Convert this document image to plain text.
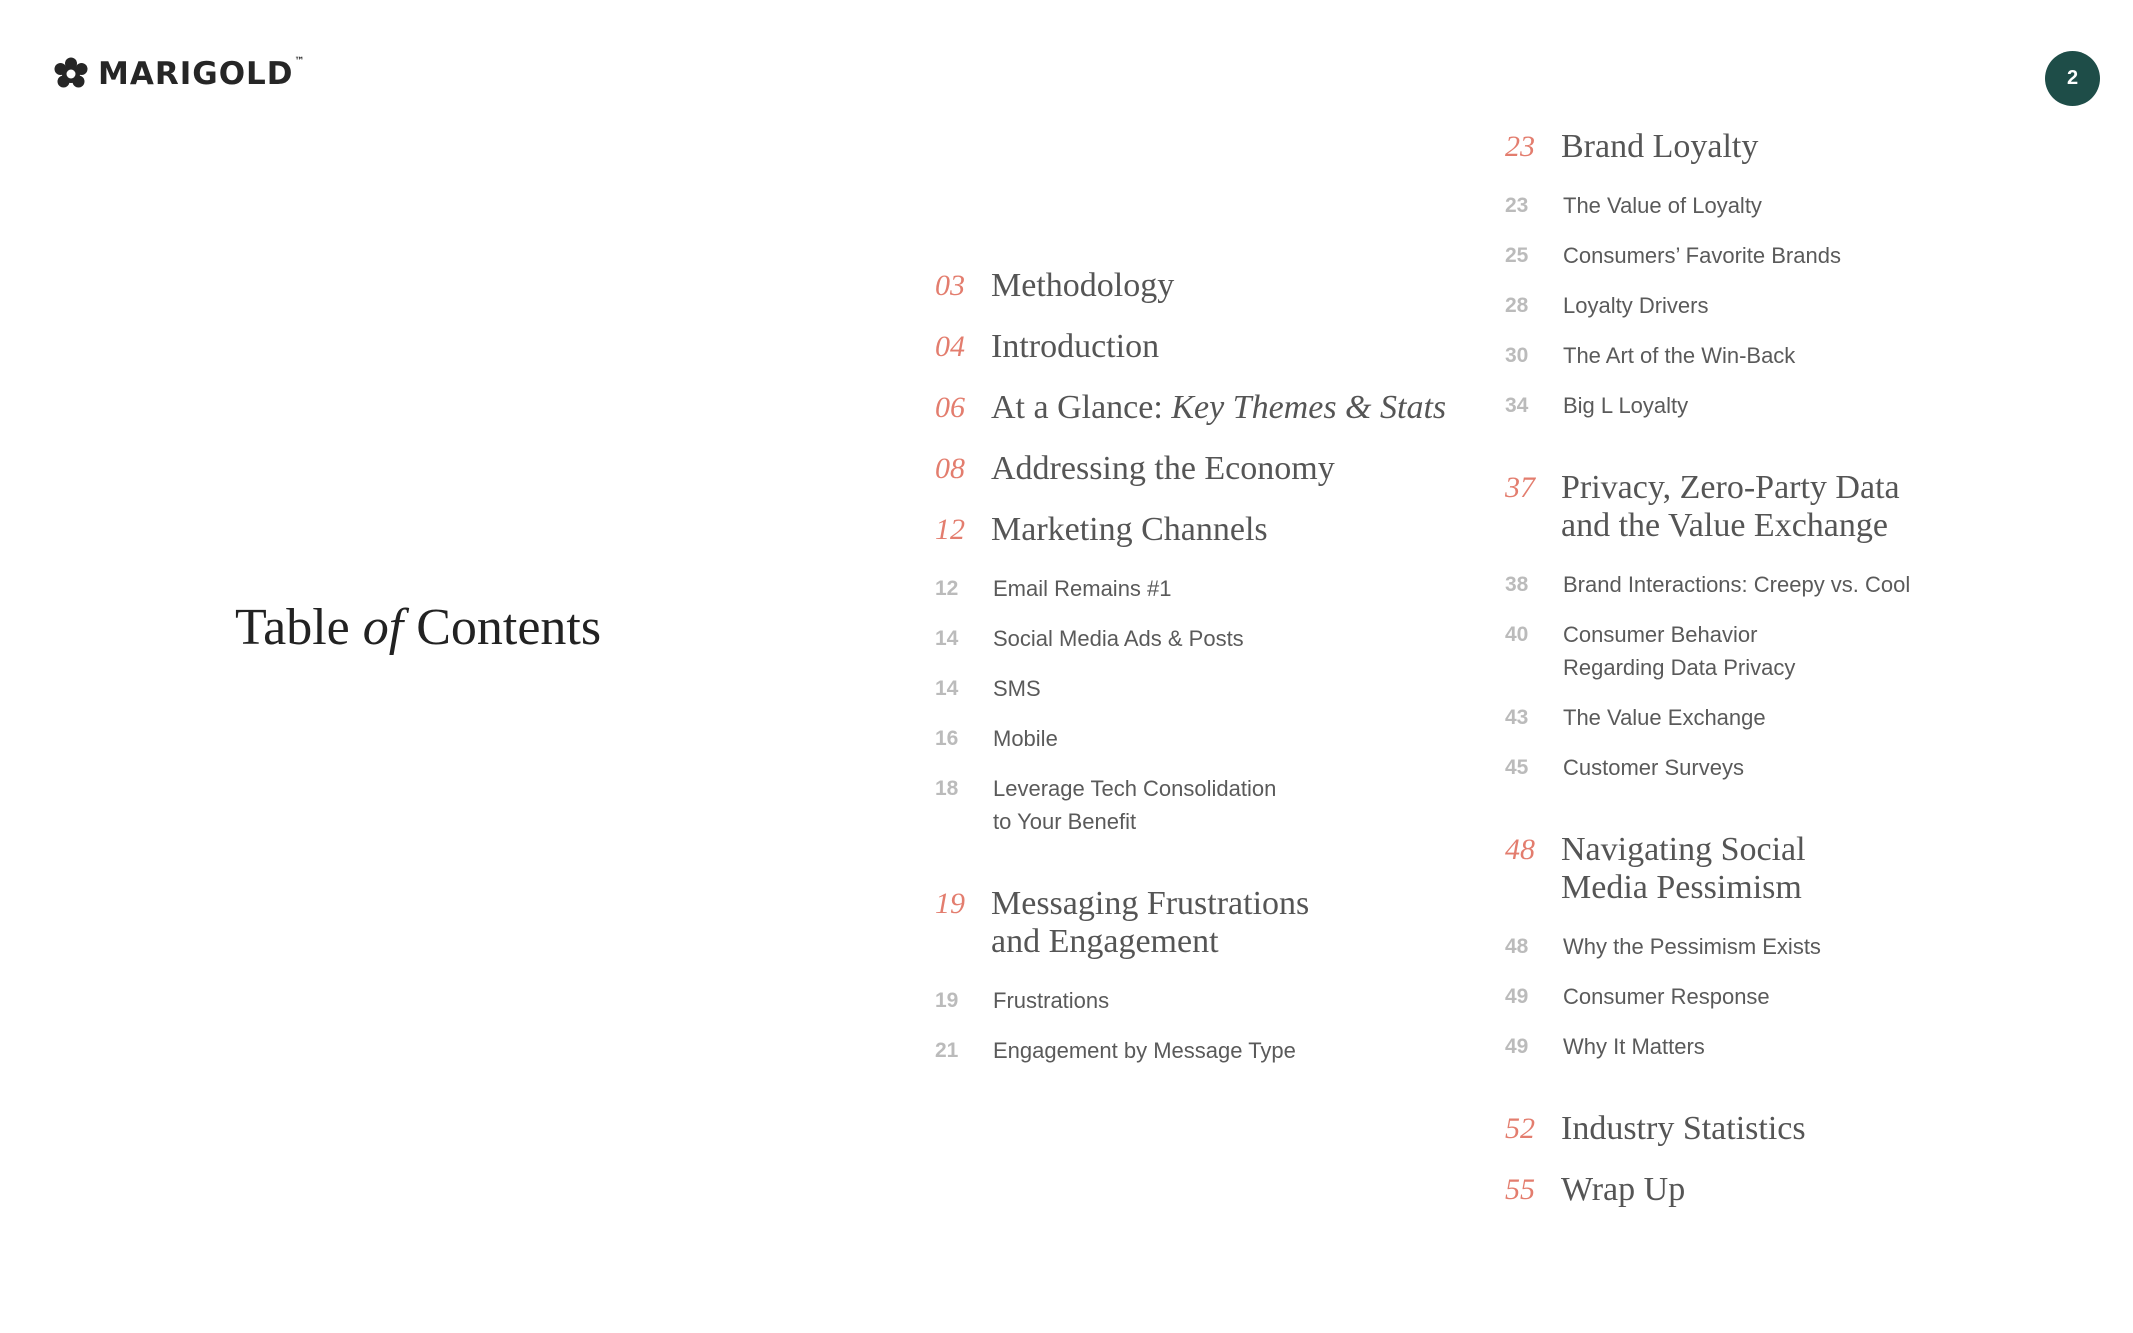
MARIGOLD™
2
Table of Contents
03 Methodology
04 Introduction
06 At a Glance: Key Themes & Stats
08 Addressing the Economy
12 Marketing Channels
12	Email Remains #1
14	Social Media Ads & Posts
14	SMS
16	Mobile
18	Leverage Tech Consolidation
to Your Benefit
19 Messaging Frustrations
and Engagement
19	Frustrations
21	Engagement by Message Type
23 Brand Loyalty
23	The Value of Loyalty
25	Consumers’ Favorite Brands
28	Loyalty Drivers
30	The Art of the Win-Back
34	Big L Loyalty
37 Privacy, Zero-Party Data
and the Value Exchange
38	Brand Interactions: Creepy vs. Cool
40	Consumer Behavior
Regarding Data Privacy
43	The Value Exchange
45	Customer Surveys
48 Navigating Social
Media Pessimism
48	Why the Pessimism Exists
49	Consumer Response
49	Why It Matters
52 Industry Statistics
55 Wrap Up
